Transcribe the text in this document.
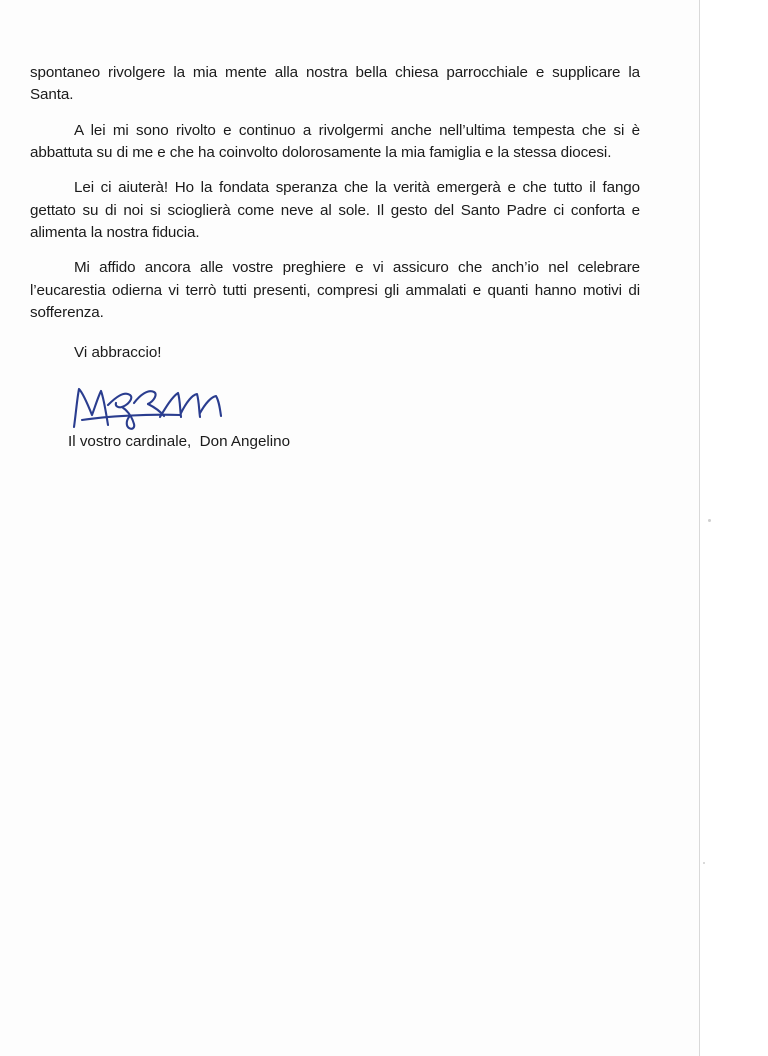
spontaneo rivolgere la mia mente alla nostra bella chiesa parrocchiale e supplicare la Santa.

A lei mi sono rivolto e continuo a rivolgermi anche nell’ultima tempesta che si è abbattuta su di me e che ha coinvolto dolorosamente la mia famiglia e la stessa diocesi.

Lei ci aiuterà! Ho la fondata speranza che la verità emergerà e che tutto il fango gettato su di noi si scioglierà come neve al sole. Il gesto del Santo Padre ci conforta e alimenta la nostra fiducia.

Mi affido ancora alle vostre preghiere e vi assicuro che anch’io nel celebrare l’eucarestia odierna vi terrò tutti presenti, compresi gli ammalati e quanti hanno motivi di sofferenza.

Vi abbraccio!

Il vostro cardinale,  Don Angelino
